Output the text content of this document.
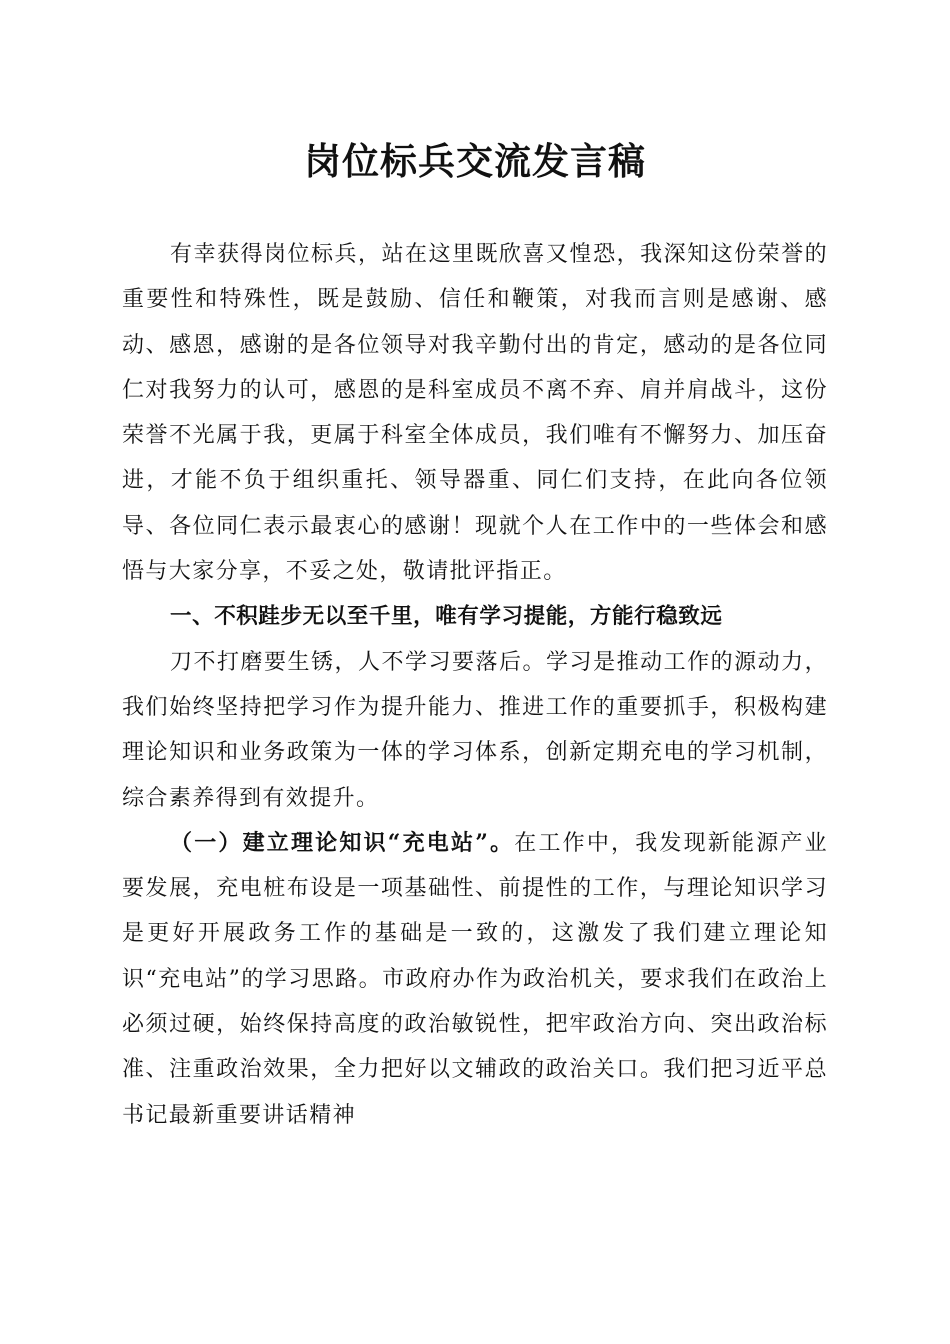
岗位标兵交流发言稿

有幸获得岗位标兵，站在这里既欣喜又惶恐，我深知这份荣誉的重要性和特殊性，既是鼓励、信任和鞭策，对我而言则是感谢、感动、感恩，感谢的是各位领导对我辛勤付出的肯定，感动的是各位同仁对我努力的认可，感恩的是科室成员不离不弃、肩并肩战斗，这份荣誉不光属于我，更属于科室全体成员，我们唯有不懈努力、加压奋进，才能不负于组织重托、领导器重、同仁们支持，在此向各位领导、各位同仁表示最衷心的感谢！现就个人在工作中的一些体会和感悟与大家分享，不妥之处，敬请批评指正。

一、不积跬步无以至千里，唯有学习提能，方能行稳致远

刀不打磨要生锈，人不学习要落后。学习是推动工作的源动力，我们始终坚持把学习作为提升能力、推进工作的重要抓手，积极构建理论知识和业务政策为一体的学习体系，创新定期充电的学习机制，综合素养得到有效提升。

（一）建立理论知识“充电站”。在工作中，我发现新能源产业要发展，充电桩布设是一项基础性、前提性的工作，与理论知识学习是更好开展政务工作的基础是一致的，这激发了我们建立理论知识“充电站”的学习思路。市政府办作为政治机关，要求我们在政治上必须过硬，始终保持高度的政治敏锐性，把牢政治方向、突出政治标准、注重政治效果，全力把好以文辅政的政治关口。我们把习近平总书记最新重要讲话精神
